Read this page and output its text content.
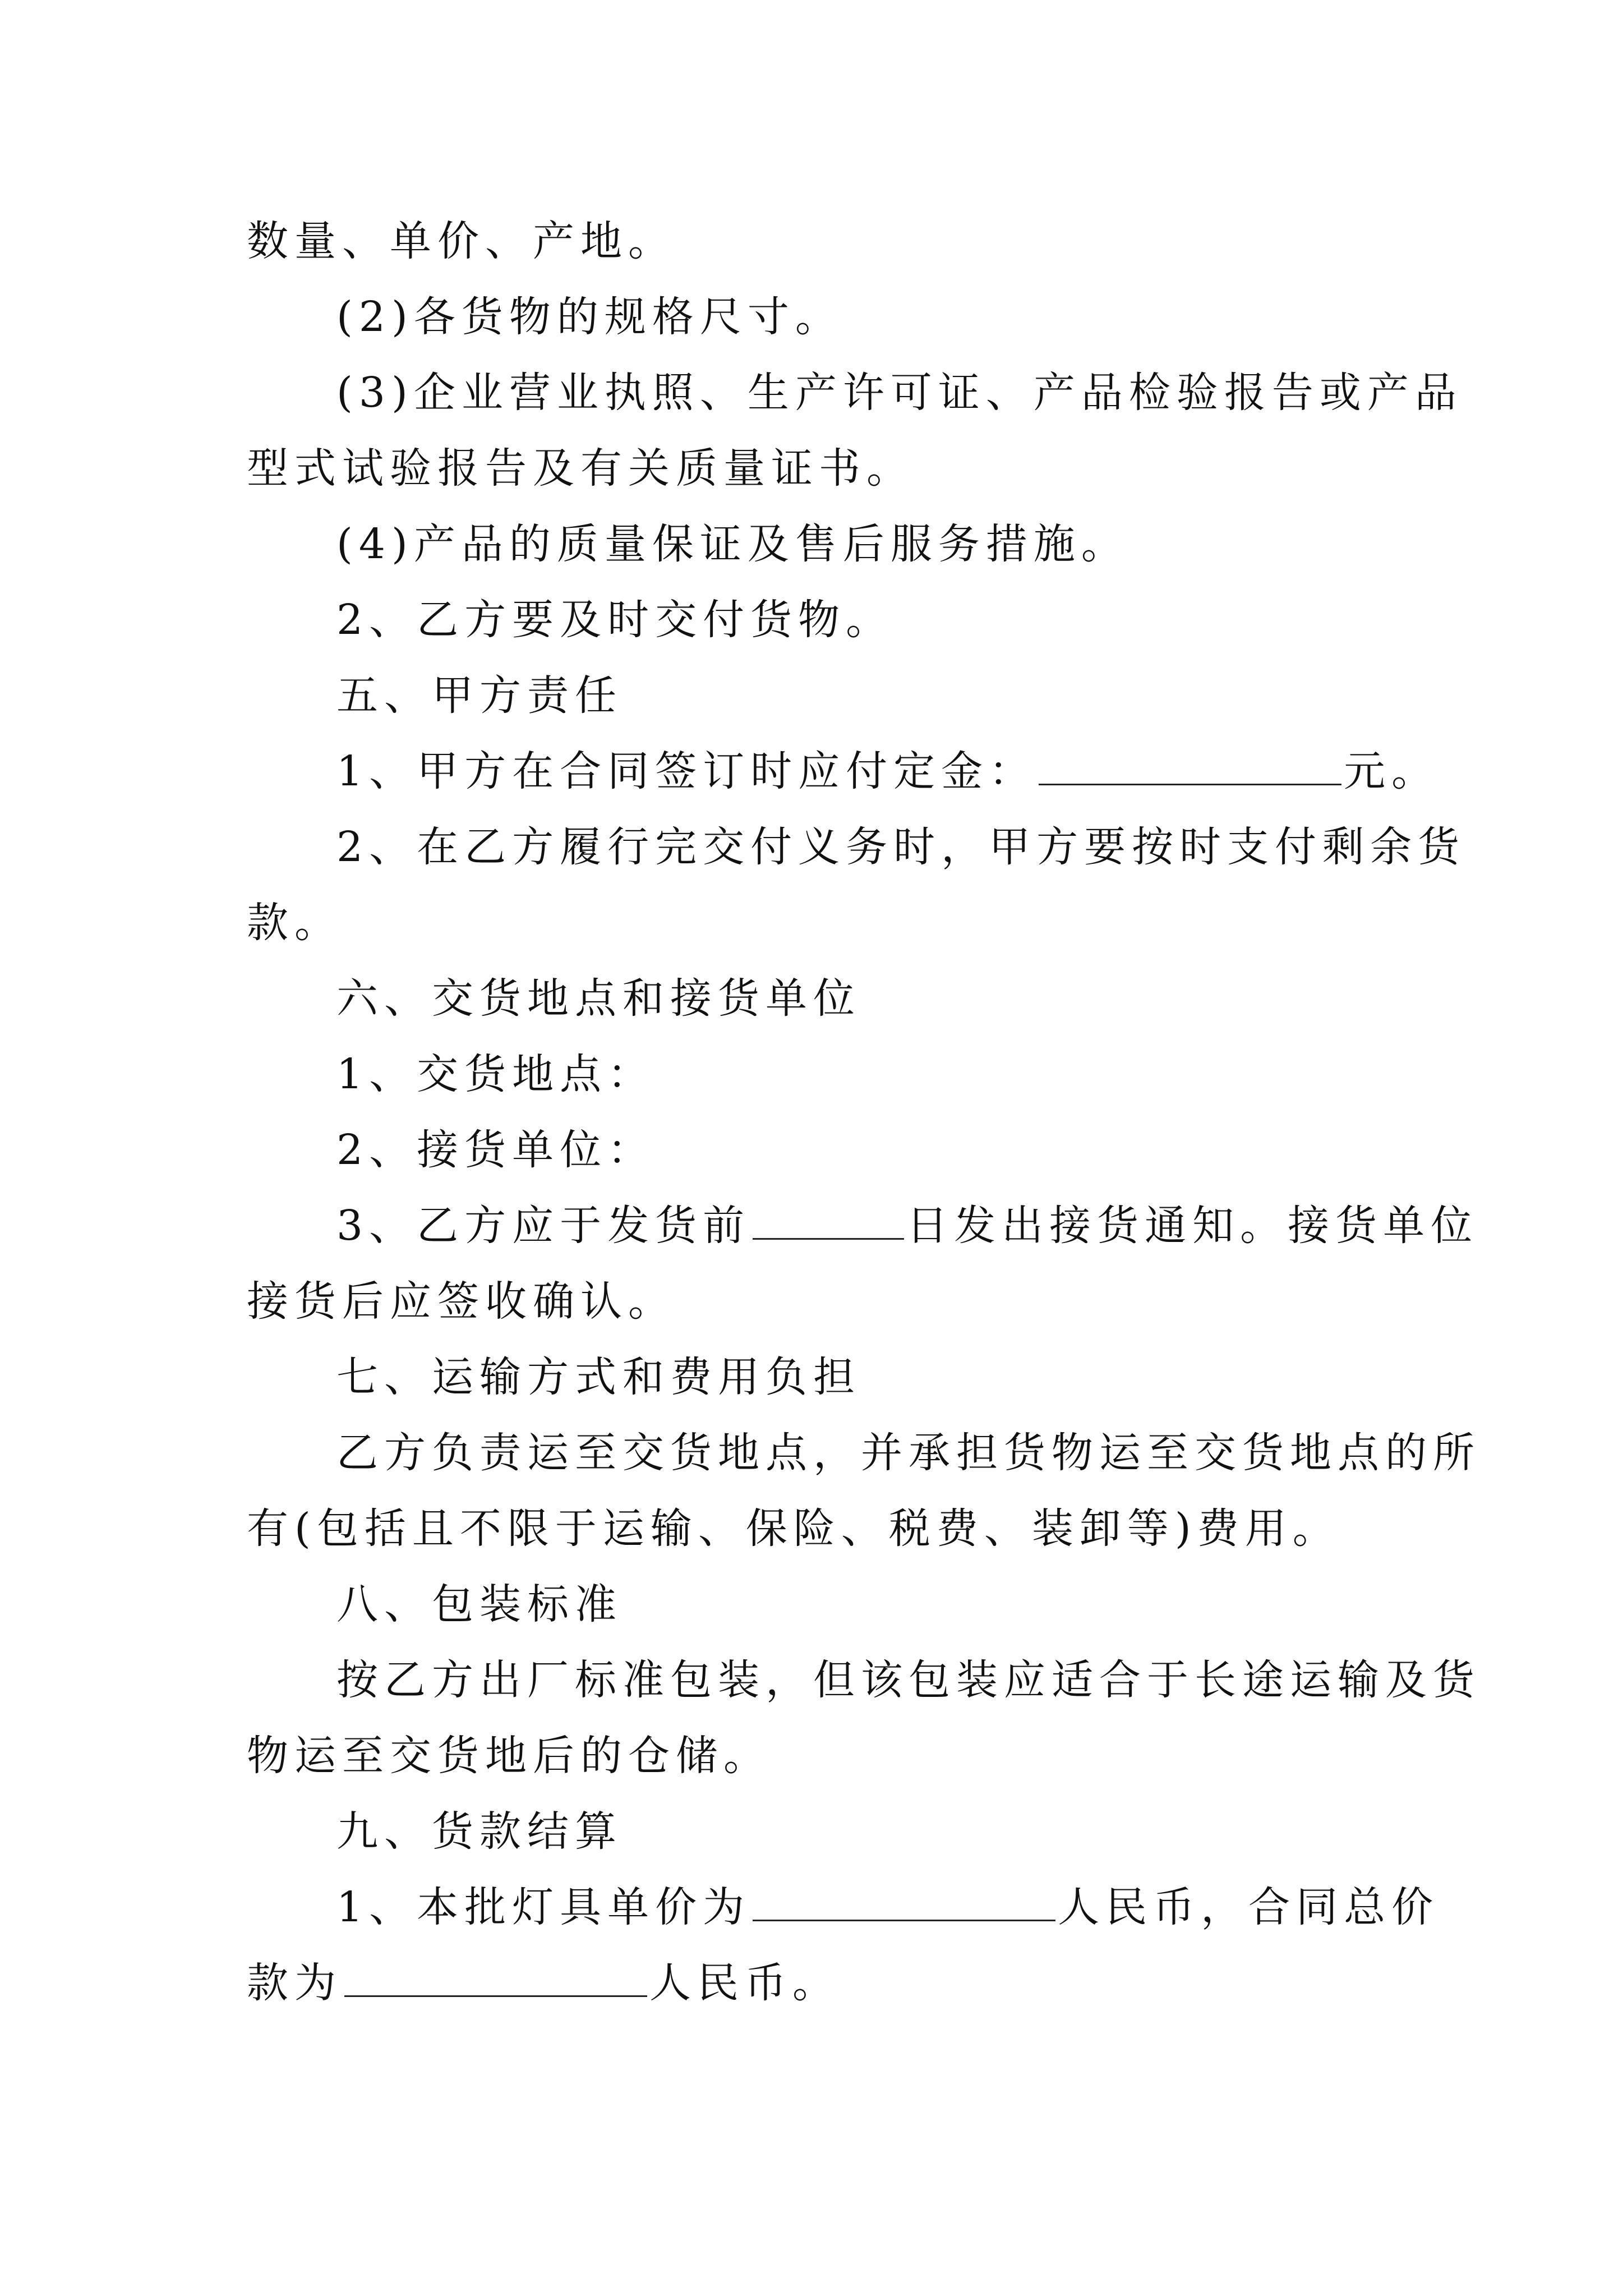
数量、单价、产地。
(2)各货物的规格尺寸。
(3)企业营业执照、生产许可证、产品检验报告或产品
型式试验报告及有关质量证书。
(4)产品的质量保证及售后服务措施。
2、乙方要及时交付货物。
五、甲方责任
1、甲方在合同签订时应付定金：	元。
2、在乙方履行完交付义务时，甲方要按时支付剩余货
款。
六、交货地点和接货单位
1、交货地点：
2、接货单位：
3、乙方应于发货前	日发出接货通知。接货单位
接货后应签收确认。
七、运输方式和费用负担
乙方负责运至交货地点，并承担货物运至交货地点的所
有(包括且不限于运输、保险、税费、装卸等)费用。
八、包装标准
按乙方出厂标准包装，但该包装应适合于长途运输及货
物运至交货地后的仓储。
九、货款结算
1、本批灯具单价为	人民币，合同总价
款为	人民币。
